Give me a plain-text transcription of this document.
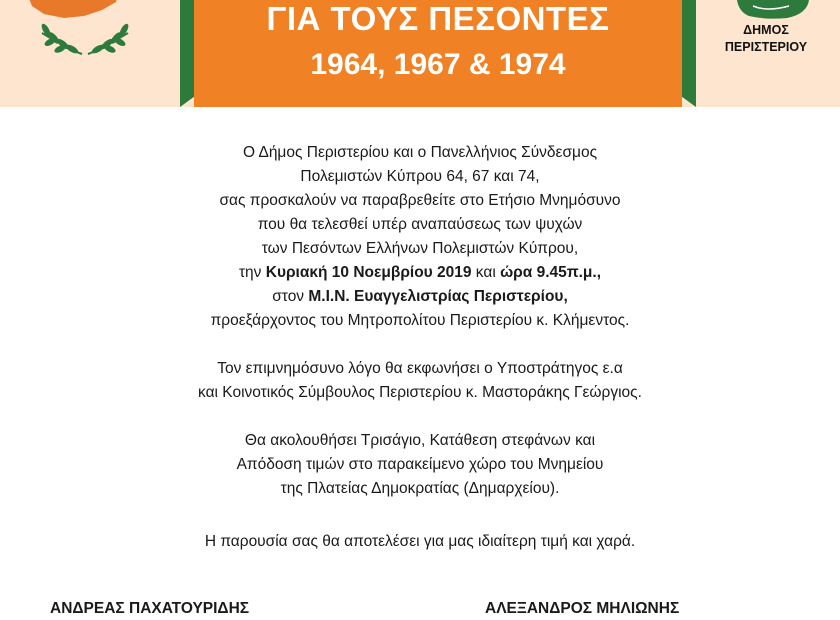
ΓΙΑ ΤΟΥΣ ΠΕΣΟΝΤΕΣ
1964, 1967 & 1974
ΔΗΜΟΣ
ΠΕΡΙΣΤΕΡΙΟΥ
Ο Δήμος Περιστερίου και ο Πανελλήνιος Σύνδεσμος
Πολεμιστών Κύπρου 64, 67 και 74,
σας προσκαλούν να παραβρεθείτε στο Ετήσιο Μνημόσυνο
που θα τελεσθεί υπέρ αναπαύσεως των ψυχών
των Πεσόντων Ελλήνων Πολεμιστών Κύπρου,
την Κυριακή 10 Νοεμβρίου 2019 και ώρα 9.45π.μ.,
στον Μ.Ι.Ν. Ευαγγελιστρίας Περιστερίου,
προεξάρχοντος του Μητροπολίτου Περιστερίου κ. Κλήμεντος.
Τον επιμνημόσυνο λόγο θα εκφωνήσει ο Υποστράτηγος ε.α
και Κοινοτικός Σύμβουλος Περιστερίου κ. Μαστοράκης Γεώργιος.
Θα ακολουθήσει Τρισάγιο, Κατάθεση στεφάνων και
Απόδοση τιμών στο παρακείμενο χώρο του Μνημείου
της Πλατείας Δημοκρατίας (Δημαρχείου).
Η παρουσία σας θα αποτελέσει για μας ιδιαίτερη τιμή και χαρά.
ΑΝΔΡΕΑΣ ΠΑΧΑΤΟΥΡΙΔΗΣ	ΑΛΕΞΑΝΔΡΟΣ ΜΗΛΙΩΝΗΣ
